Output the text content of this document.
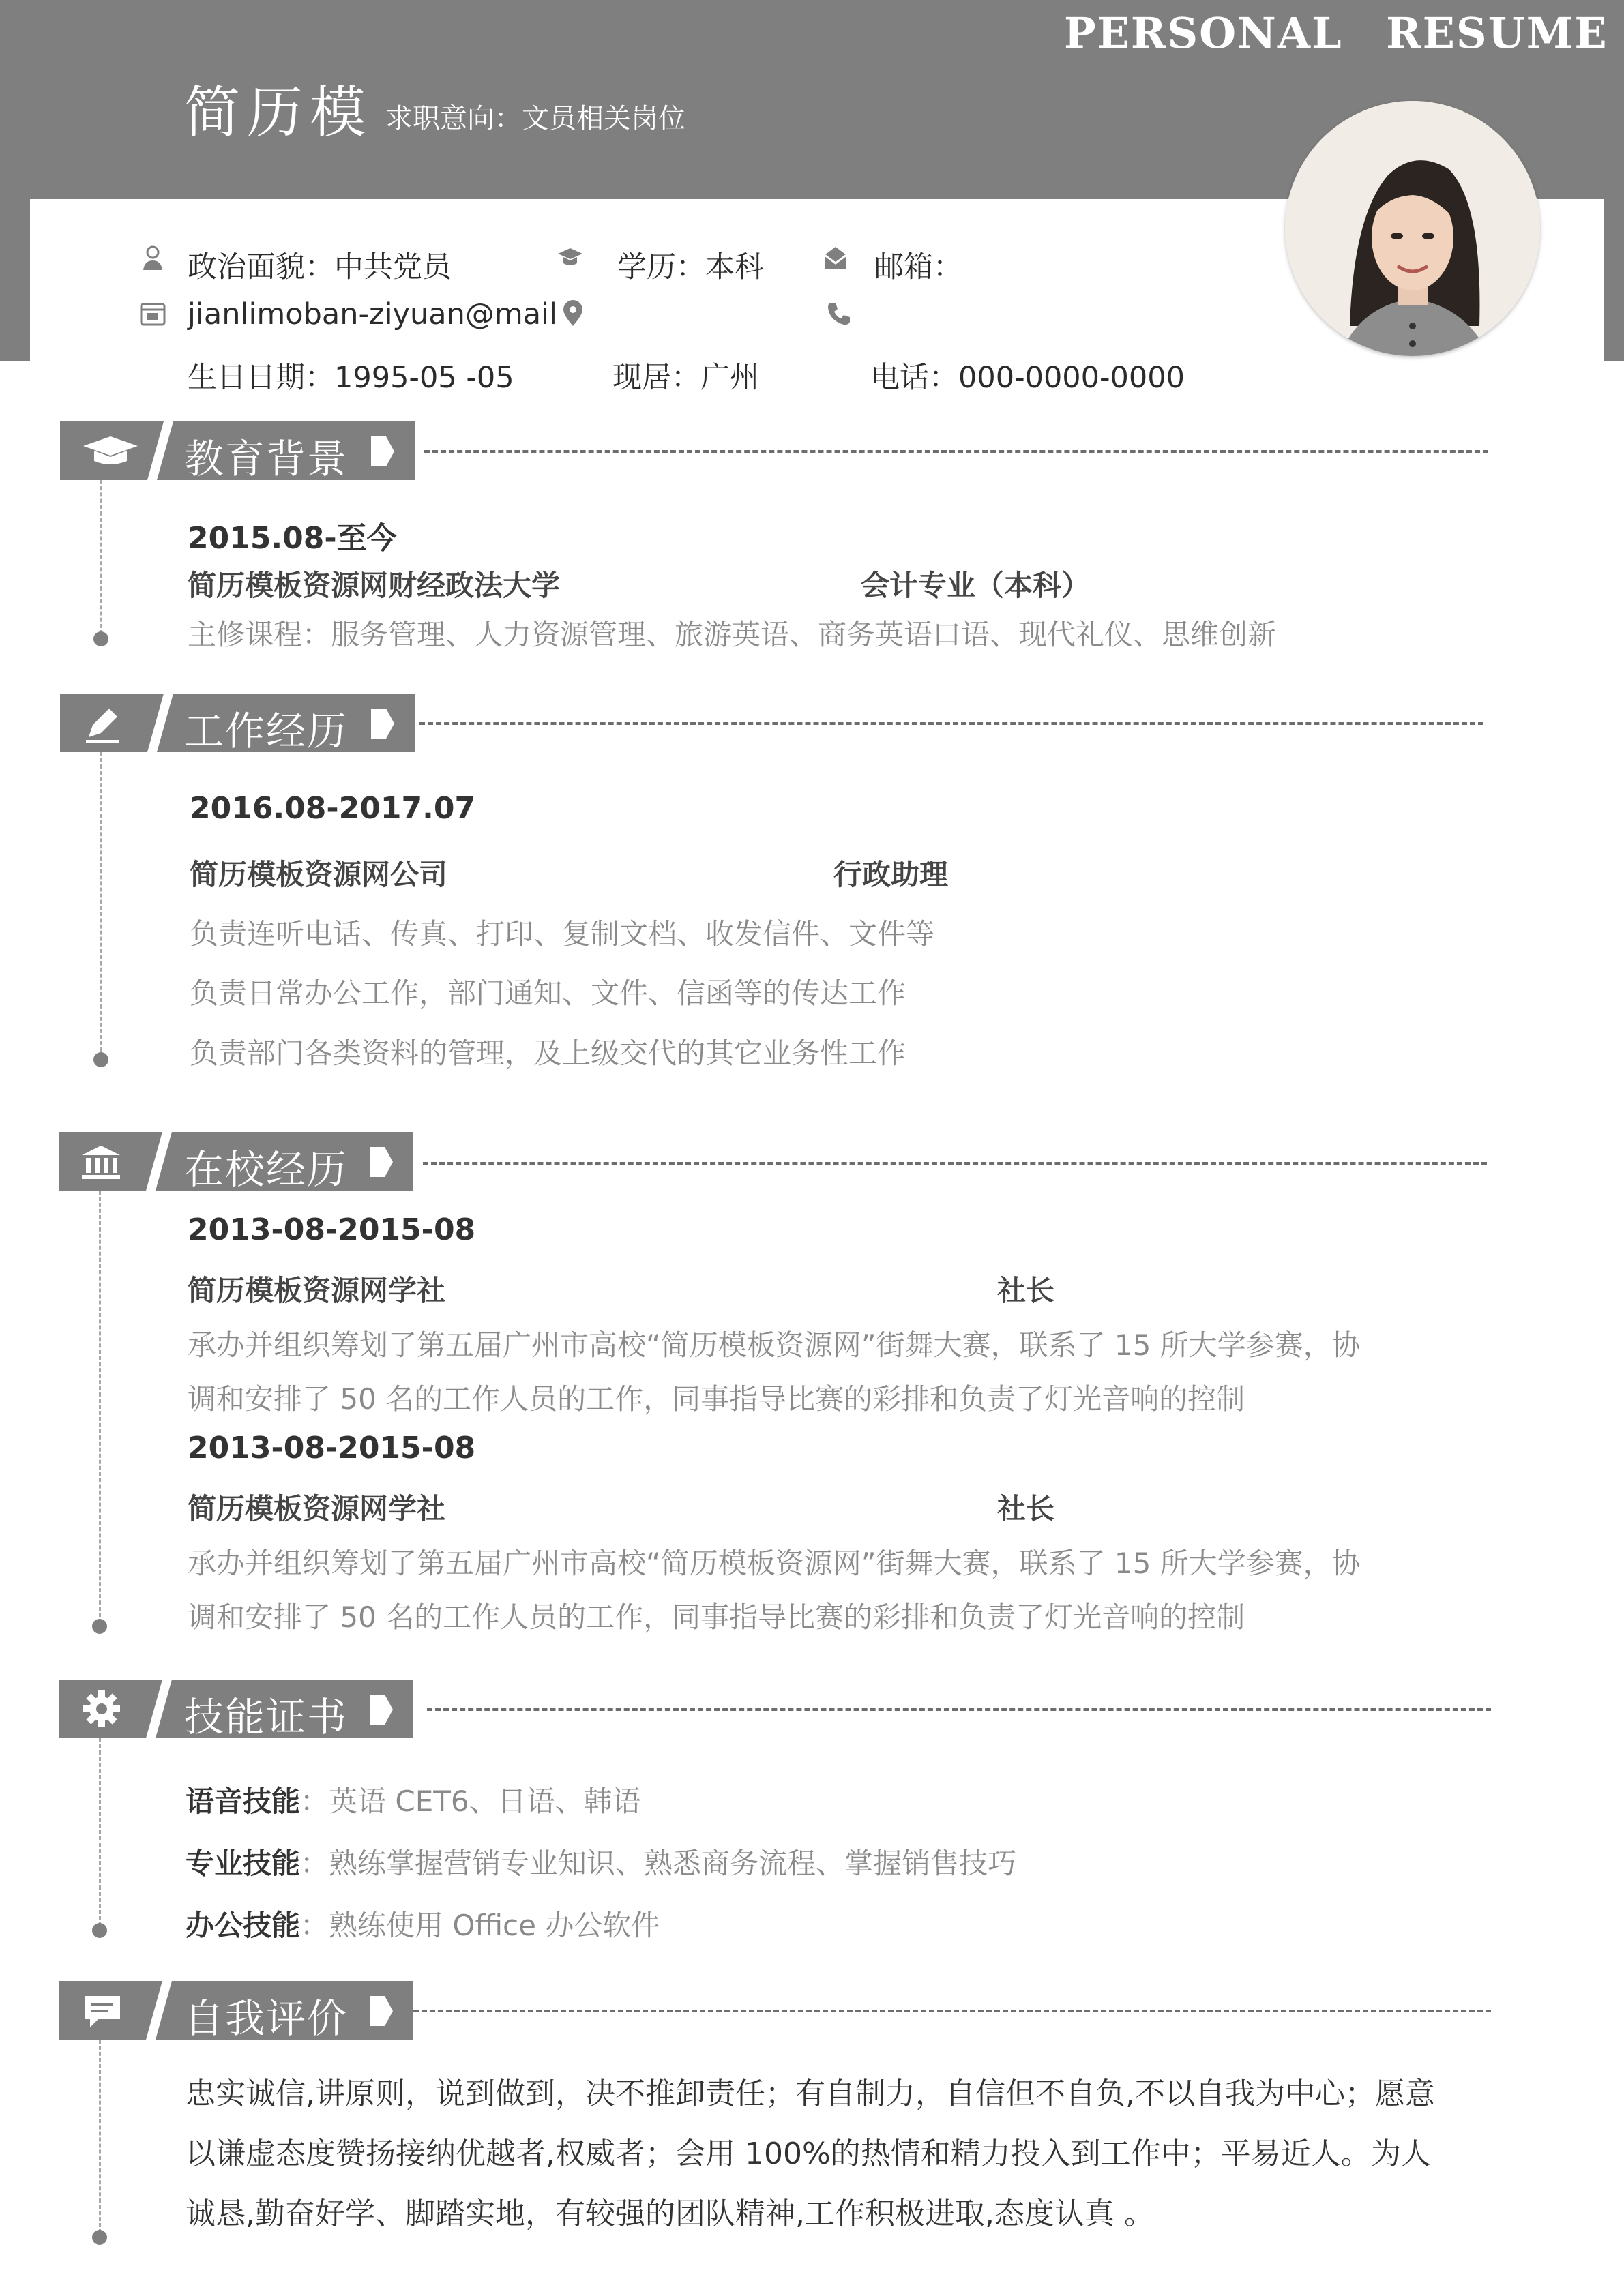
PERSONAL RESUME
简历模 求职意向：文员相关岗位
政治面貌：中共党员	学历：本科	邮箱：
jianlimoban-ziyuan@mail
生日日期：1995-05 -05	现居：广州	电话：000-0000-0000
教育背景
2015.08-至今
简历模板资源网财经政法大学	会计专业（本科）
主修课程：服务管理、人力资源管理、旅游英语、商务英语口语、现代礼仪、思维创新
工作经历
2016.08-2017.07
简历模板资源网公司	行政助理
负责连听电话、传真、打印、复制文档、收发信件、文件等
负责日常办公工作，部门通知、文件、信函等的传达工作
负责部门各类资料的管理，及上级交代的其它业务性工作
在校经历
2013-08-2015-08
简历模板资源网学社	社长
承办并组织筹划了第五届广州市高校“简历模板资源网”街舞大赛，联系了 15 所大学参赛，协
调和安排了 50 名的工作人员的工作，同事指导比赛的彩排和负责了灯光音响的控制
2013-08-2015-08
简历模板资源网学社	社长
承办并组织筹划了第五届广州市高校“简历模板资源网”街舞大赛，联系了 15 所大学参赛，协
调和安排了 50 名的工作人员的工作，同事指导比赛的彩排和负责了灯光音响的控制
技能证书
语音技能：英语 CET6、日语、韩语
专业技能：熟练掌握营销专业知识、熟悉商务流程、掌握销售技巧
办公技能：熟练使用 Office 办公软件
自我评价
忠实诚信,讲原则，说到做到，决不推卸责任；有自制力，自信但不自负,不以自我为中心；愿意
以谦虚态度赞扬接纳优越者,权威者；会用 100%的热情和精力投入到工作中；平易近人。为人
诚恳,勤奋好学、脚踏实地，有较强的团队精神,工作积极进取,态度认真 。
